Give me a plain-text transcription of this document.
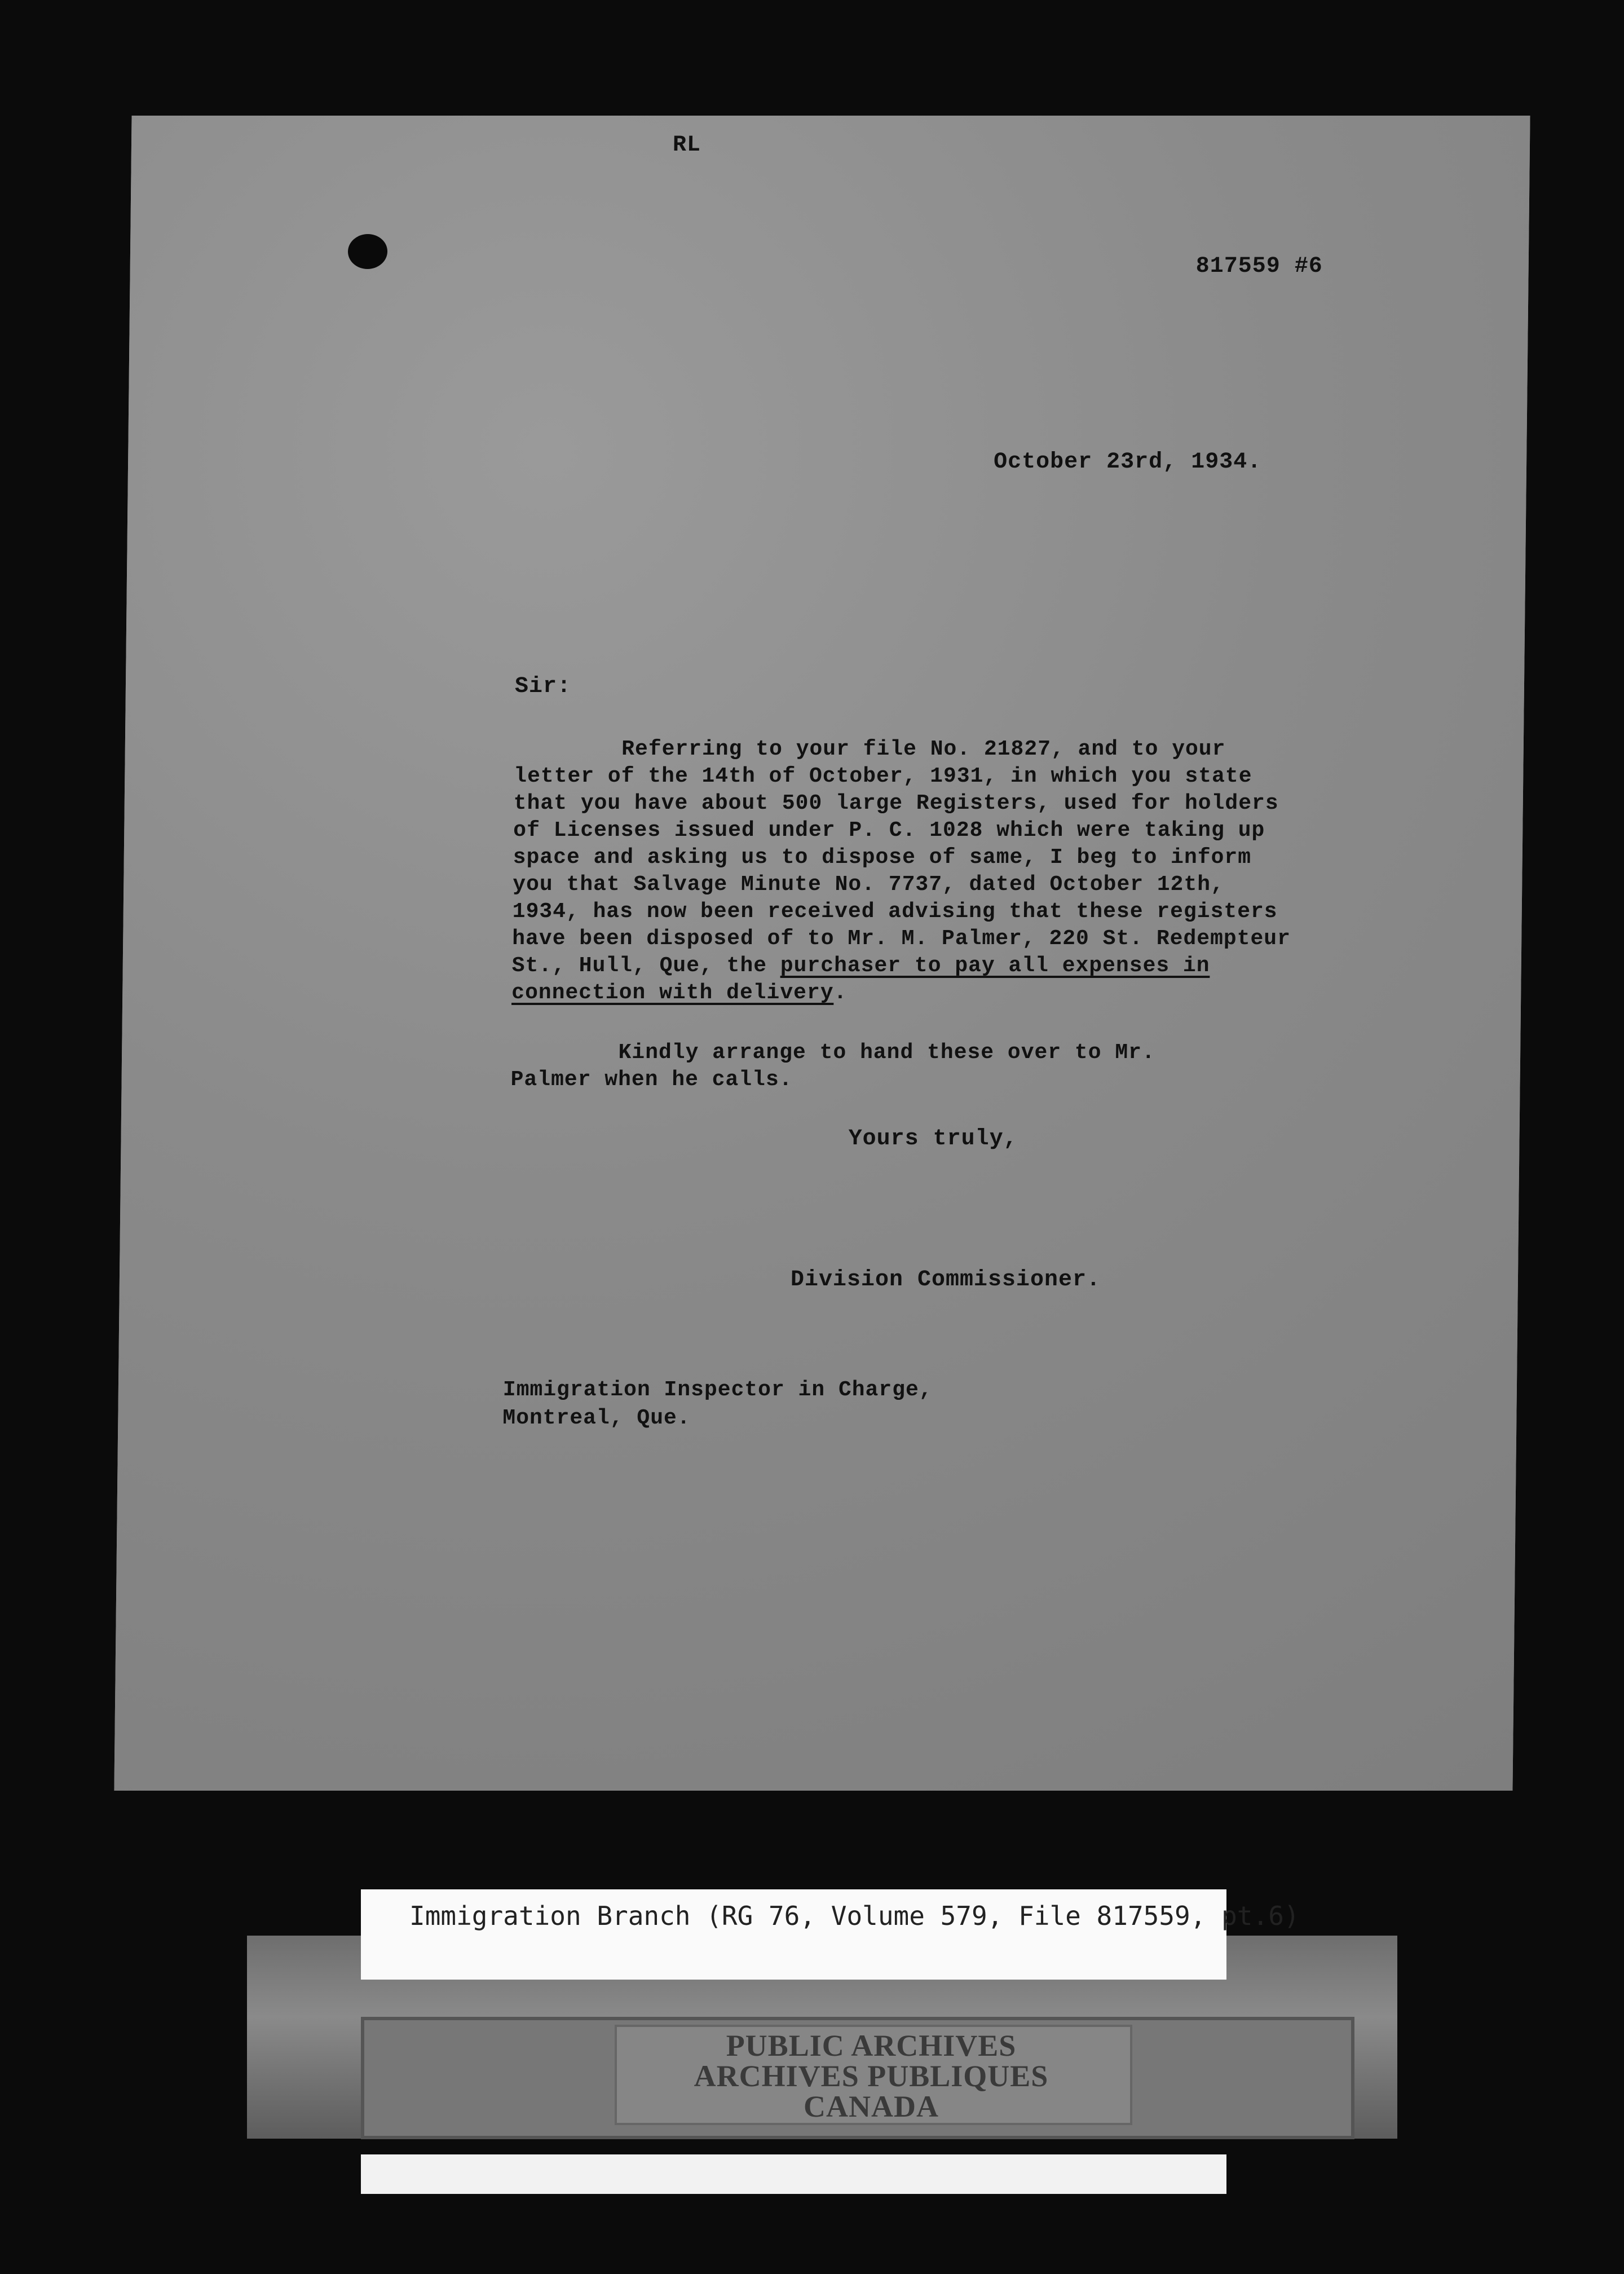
RL
817559 #6
October 23rd, 1934.
Sir:
Referring to your file No. 21827, and to your
letter of the 14th of October, 1931, in which you state
that you have about 500 large Registers, used for holders
of Licenses issued under P. C. 1028 which were taking up
space and asking us to dispose of same, I beg to inform
you that Salvage Minute No. 7737, dated October 12th,
1934, has now been received advising that these registers
have been disposed of to Mr. M. Palmer, 220 St. Redempteur
St., Hull, Que, the purchaser to pay all expenses in
connection with delivery.
Kindly arrange to hand these over to Mr.
Palmer when he calls.
Yours truly,
Division Commissioner.
Immigration Inspector in Charge,
Montreal, Que.
PUBLIC ARCHIVES
ARCHIVES PUBLIQUES
CANADA
Immigration Branch (RG 76, Volume 579, File 817559, pt.6)
